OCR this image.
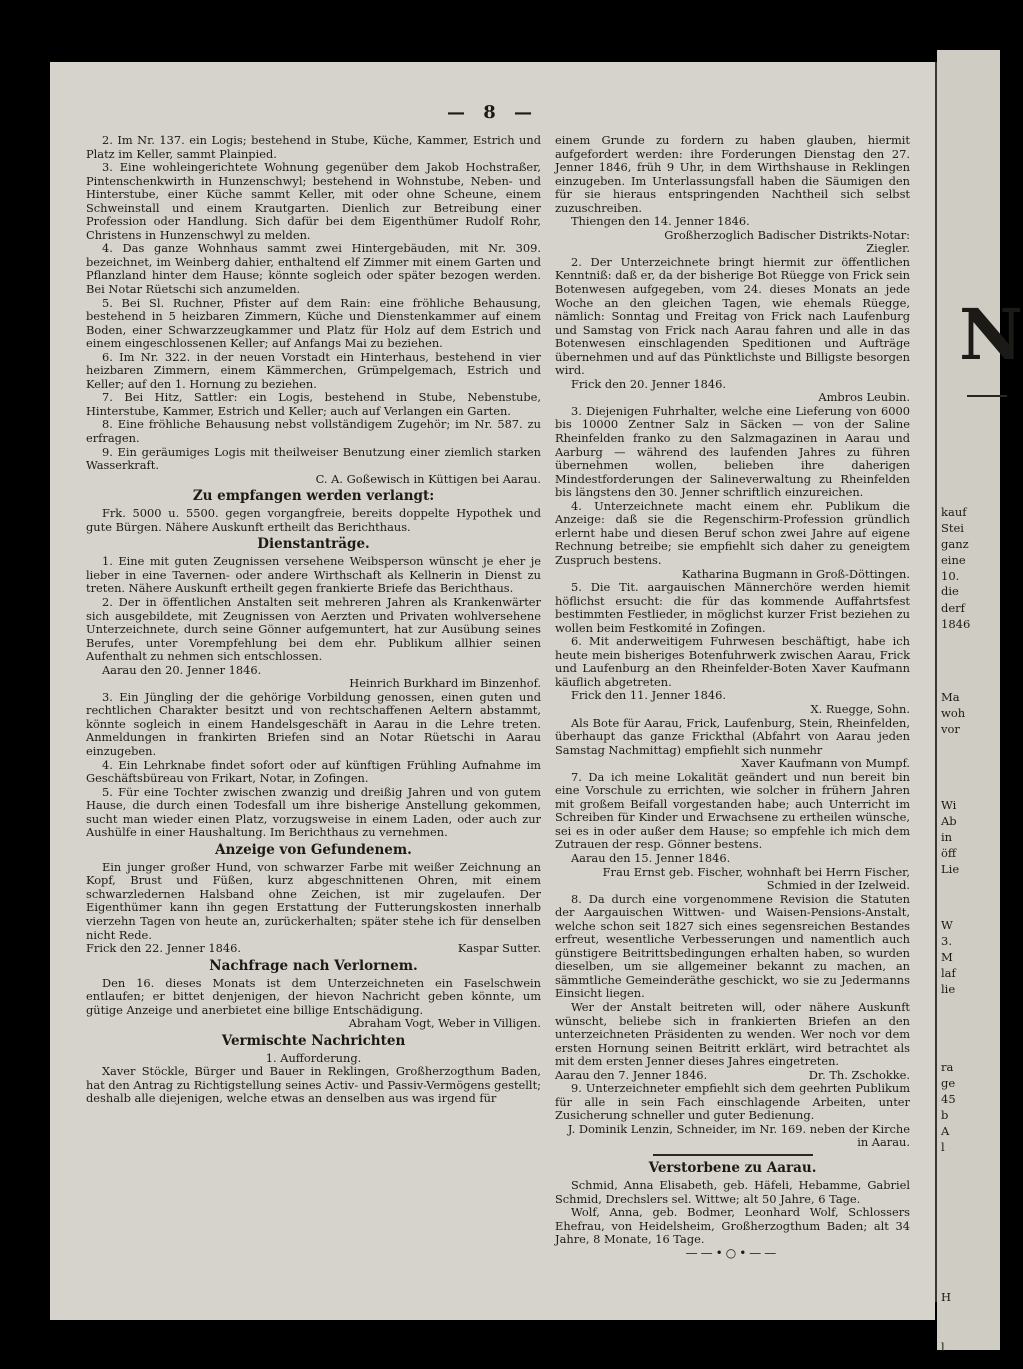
N
kauf
Stei
ganz
eine
10.
die
derf
1846
Ma
woh
vor
Wi
Ab
in
öff
Lie
W
3.
M
laf
lie
ra
ge
45
b
A
l
H
l
— 8 —

2. Im Nr. 137. ein Logis; bestehend in Stube, Küche, Kammer, Estrich und Platz im Keller, sammt Plainpied.

3. Eine wohleingerichtete Wohnung gegenüber dem Jakob Hochstraßer, Pintenschenkwirth in Hunzenschwyl; bestehend in Wohnstube, Neben- und Hinterstube, einer Küche sammt Keller, mit oder ohne Scheune, einem Schweinstall und einem Krautgarten. Dienlich zur Betreibung einer Profession oder Handlung. Sich dafür bei dem Eigenthümer Rudolf Rohr, Christens in Hunzenschwyl zu melden.

4. Das ganze Wohnhaus sammt zwei Hintergebäuden, mit Nr. 309. bezeichnet, im Weinberg dahier, enthaltend elf Zimmer mit einem Garten und Pflanzland hinter dem Hause; könnte sogleich oder später bezogen werden. Bei Notar Rüetschi sich anzumelden.

5. Bei Sl. Ruchner, Pfister auf dem Rain: eine fröhliche Behausung, bestehend in 5 heizbaren Zimmern, Küche und Dienstenkammer auf einem Boden, einer Schwarzzeugkammer und Platz für Holz auf dem Estrich und einem eingeschlossenen Keller; auf Anfangs Mai zu beziehen.

6. Im Nr. 322. in der neuen Vorstadt ein Hinterhaus, bestehend in vier heizbaren Zimmern, einem Kämmerchen, Grümpelgemach, Estrich und Keller; auf den 1. Hornung zu beziehen.

7. Bei Hitz, Sattler: ein Logis, bestehend in Stube, Nebenstube, Hinterstube, Kammer, Estrich und Keller; auch auf Verlangen ein Garten.

8. Eine fröhliche Behausung nebst vollständigem Zugehör; im Nr. 587. zu erfragen.

9. Ein geräumiges Logis mit theilweiser Benutzung einer ziemlich starken Wasserkraft.

C. A. Goßewisch in Küttigen bei Aarau.

Zu empfangen werden verlangt:

Frk. 5000 u. 5500. gegen vorgangfreie, bereits doppelte Hypothek und gute Bürgen. Nähere Auskunft ertheilt das Berichthaus.

Dienstanträge.

1. Eine mit guten Zeugnissen versehene Weibsperson wünscht je eher je lieber in eine Tavernen- oder andere Wirthschaft als Kellnerin in Dienst zu treten. Nähere Auskunft ertheilt gegen frankierte Briefe das Berichthaus.

2. Der in öffentlichen Anstalten seit mehreren Jahren als Krankenwärter sich ausgebildete, mit Zeugnissen von Aerzten und Privaten wohlversehene Unterzeichnete, durch seine Gönner aufgemuntert, hat zur Ausübung seines Berufes, unter Vorempfehlung bei dem ehr. Publikum allhier seinen Aufenthalt zu nehmen sich entschlossen.

Aarau den 20. Jenner 1846.

Heinrich Burkhard im Binzenhof.

3. Ein Jüngling der die gehörige Vorbildung genossen, einen guten und rechtlichen Charakter besitzt und von rechtschaffenen Aeltern abstammt, könnte sogleich in einem Handelsgeschäft in Aarau in die Lehre treten. Anmeldungen in frankirten Briefen sind an Notar Rüetschi in Aarau einzugeben.

4. Ein Lehrknabe findet sofort oder auf künftigen Frühling Aufnahme im Geschäftsbüreau von Frikart, Notar, in Zofingen.

5. Für eine Tochter zwischen zwanzig und dreißig Jahren und von gutem Hause, die durch einen Todesfall um ihre bisherige Anstellung gekommen, sucht man wieder einen Platz, vorzugsweise in einem Laden, oder auch zur Aushülfe in einer Haushaltung. Im Berichthaus zu vernehmen.

Anzeige von Gefundenem.

Ein junger großer Hund, von schwarzer Farbe mit weißer Zeichnung an Kopf, Brust und Füßen, kurz abgeschnittenen Ohren, mit einem schwarzledernen Halsband ohne Zeichen, ist mir zugelaufen. Der Eigenthümer kann ihn gegen Erstattung der Futterungskosten innerhalb vierzehn Tagen von heute an, zurückerhalten; später stehe ich für denselben nicht Rede.

Frick den 22. Jenner 1846.	Kaspar Sutter.
Nachfrage nach Verlornem.

Den 16. dieses Monats ist dem Unterzeichneten ein Faselschwein entlaufen; er bittet denjenigen, der hievon Nachricht geben könnte, um gütige Anzeige und anerbietet eine billige Entschädigung.

Abraham Vogt, Weber in Villigen.

Vermischte Nachrichten

1. Aufforderung.

Xaver Stöckle, Bürger und Bauer in Reklingen, Großherzogthum Baden, hat den Antrag zu Richtigstellung seines Activ- und Passiv-Vermögens gestellt; deshalb alle diejenigen, welche etwas an denselben aus was irgend für

einem Grunde zu fordern zu haben glauben, hiermit aufgefordert werden: ihre Forderungen Dienstag den 27. Jenner 1846, früh 9 Uhr, in dem Wirthshause in Reklingen einzugeben. Im Unterlassungsfall haben die Säumigen den für sie hieraus entspringenden Nachtheil sich selbst zuzuschreiben.

Thiengen den 14. Jenner 1846.

Großherzoglich Badischer Distrikts-Notar:

Ziegler.

2. Der Unterzeichnete bringt hiermit zur öffentlichen Kenntniß: daß er, da der bisherige Bot Rüegge von Frick sein Botenwesen aufgegeben, vom 24. dieses Monats an jede Woche an den gleichen Tagen, wie ehemals Rüegge, nämlich: Sonntag und Freitag von Frick nach Laufenburg und Samstag von Frick nach Aarau fahren und alle in das Botenwesen einschlagenden Speditionen und Aufträge übernehmen und auf das Pünktlichste und Billigste besorgen wird.

Frick den 20. Jenner 1846.

Ambros Leubin.

3. Diejenigen Fuhrhalter, welche eine Lieferung von 6000 bis 10000 Zentner Salz in Säcken — von der Saline Rheinfelden franko zu den Salzmagazinen in Aarau und Aarburg — während des laufenden Jahres zu führen übernehmen wollen, belieben ihre daherigen Mindestforderungen der Salineverwaltung zu Rheinfelden bis längstens den 30. Jenner schriftlich einzureichen.

4. Unterzeichnete macht einem ehr. Publikum die Anzeige: daß sie die Regenschirm-Profession gründlich erlernt habe und diesen Beruf schon zwei Jahre auf eigene Rechnung betreibe; sie empfiehlt sich daher zu geneigtem Zuspruch bestens.

Katharina Bugmann in Groß-Döttingen.

5. Die Tit. aargauischen Männerchöre werden hiemit höflichst ersucht: die für das kommende Auffahrtsfest bestimmten Festlieder, in möglichst kurzer Frist beziehen zu wollen beim Festkomité in Zofingen.

6. Mit anderweitigem Fuhrwesen beschäftigt, habe ich heute mein bisheriges Botenfuhrwerk zwischen Aarau, Frick und Laufenburg an den Rheinfelder-Boten Xaver Kaufmann käuflich abgetreten.

Frick den 11. Jenner 1846.

X. Ruegge, Sohn.

Als Bote für Aarau, Frick, Laufenburg, Stein, Rheinfelden, überhaupt das ganze Frickthal (Abfahrt von Aarau jeden Samstag Nachmittag) empfiehlt sich nunmehr

Xaver Kaufmann von Mumpf.

7. Da ich meine Lokalität geändert und nun bereit bin eine Vorschule zu errichten, wie solcher in frühern Jahren mit großem Beifall vorgestanden habe; auch Unterricht im Schreiben für Kinder und Erwachsene zu ertheilen wünsche, sei es in oder außer dem Hause; so empfehle ich mich dem Zutrauen der resp. Gönner bestens.

Aarau den 15. Jenner 1846.

Frau Ernst geb. Fischer, wohnhaft bei Herrn Fischer, Schmied in der Izelweid.

8. Da durch eine vorgenommene Revision die Statuten der Aargauischen Wittwen- und Waisen-Pensions-Anstalt, welche schon seit 1827 sich eines segensreichen Bestandes erfreut, wesentliche Verbesserungen und namentlich auch günstigere Beitrittsbedingungen erhalten haben, so wurden dieselben, um sie allgemeiner bekannt zu machen, an sämmtliche Gemeinderäthe geschickt, wo sie zu Jedermanns Einsicht liegen.

Wer der Anstalt beitreten will, oder nähere Auskunft wünscht, beliebe sich in frankierten Briefen an den unterzeichneten Präsidenten zu wenden. Wer noch vor dem ersten Hornung seinen Beitritt erklärt, wird betrachtet als mit dem ersten Jenner dieses Jahres eingetreten.

Aarau den 7. Jenner 1846.	Dr. Th. Zschokke.

9. Unterzeichneter empfiehlt sich dem geehrten Publikum für alle in sein Fach einschlagende Arbeiten, unter Zusicherung schneller und guter Bedienung.

J. Dominik Lenzin, Schneider, im Nr. 169. neben der Kirche in Aarau.

Verstorbene zu Aarau.

Schmid, Anna Elisabeth, geb. Häfeli, Hebamme, Gabriel Schmid, Drechslers sel. Wittwe; alt 50 Jahre, 6 Tage.

Wolf, Anna, geb. Bodmer, Leonhard Wolf, Schlossers Ehefrau, von Heidelsheim, Großherzogthum Baden; alt 34 Jahre, 8 Monate, 16 Tage.

——•○•——
